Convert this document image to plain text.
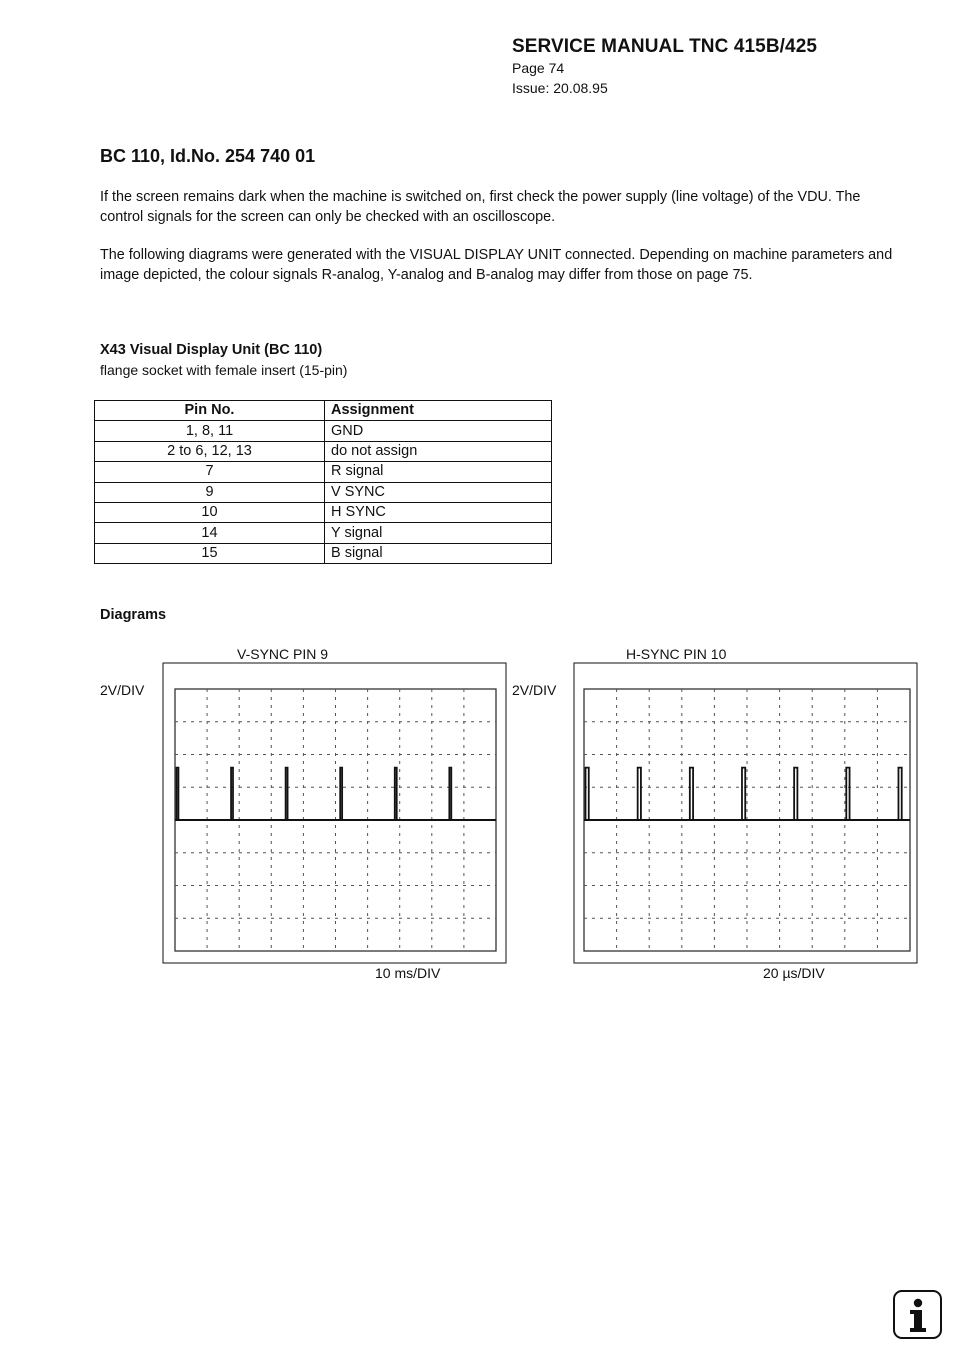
SERVICE MANUAL TNC 415B/425
Page 74
Issue: 20.08.95
BC 110, Id.No. 254 740 01
If the screen remains dark when the machine is switched on, first check the power supply (line voltage) of the VDU. The control signals for the screen can only be checked with an oscilloscope.
The following diagrams were generated with the VISUAL DISPLAY UNIT connected. Depending on machine parameters and image depicted, the colour signals R-analog, Y-analog and B-analog may differ from those on page 75.
X43 Visual Display Unit (BC 110)
flange socket with female insert (15-pin)
Pin No.	Assignment
1, 8, 11	GND
2 to 6, 12, 13	do not assign
7	R signal
9	V SYNC
10	H SYNC
14	Y signal
15	B signal
Diagrams
V-SYNC PIN 9
2V/DIV
10 ms/DIV
H-SYNC PIN 10
2V/DIV
20 µs/DIV
